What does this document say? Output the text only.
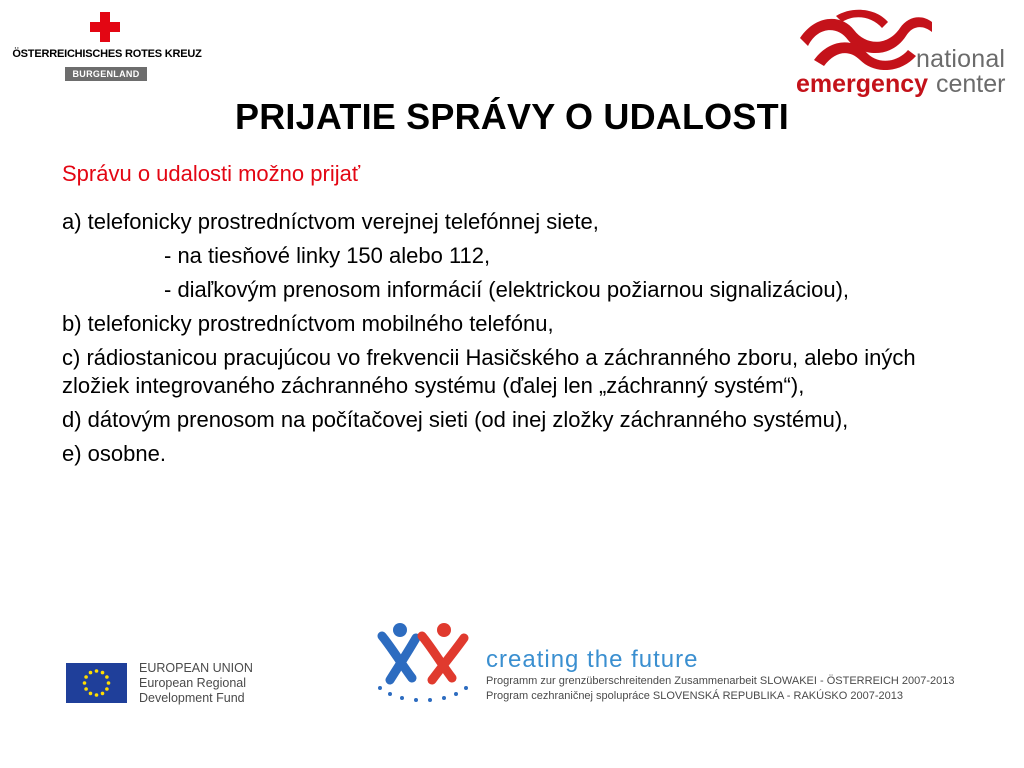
ÖSTERREICHISCHES ROTES KREUZ
BURGENLAND
national
emergency center
PRIJATIE SPRÁVY O UDALOSTI
Správu o udalosti možno prijať
a) telefonicky prostredníctvom verejnej telefónnej siete,
- na tiesňové linky 150 alebo 112,
- diaľkovým prenosom informácií (elektrickou požiarnou signalizáciou),
b) telefonicky prostredníctvom mobilného telefónu,
c) rádiostanicou pracujúcou vo frekvencii Hasičského a záchranného zboru, alebo iných zložiek integrovaného záchranného systému (ďalej len „záchranný systém“),
d) dátovým prenosom na počítačovej sieti (od inej zložky záchranného systému),
e) osobne.
EUROPEAN UNION
European Regional
Development Fund
creating the future
Programm zur grenzüberschreitenden Zusammenarbeit SLOWAKEI - ÖSTERREICH 2007-2013
Program cezhraničnej spolupráce SLOVENSKÁ REPUBLIKA - RAKÚSKO 2007-2013
